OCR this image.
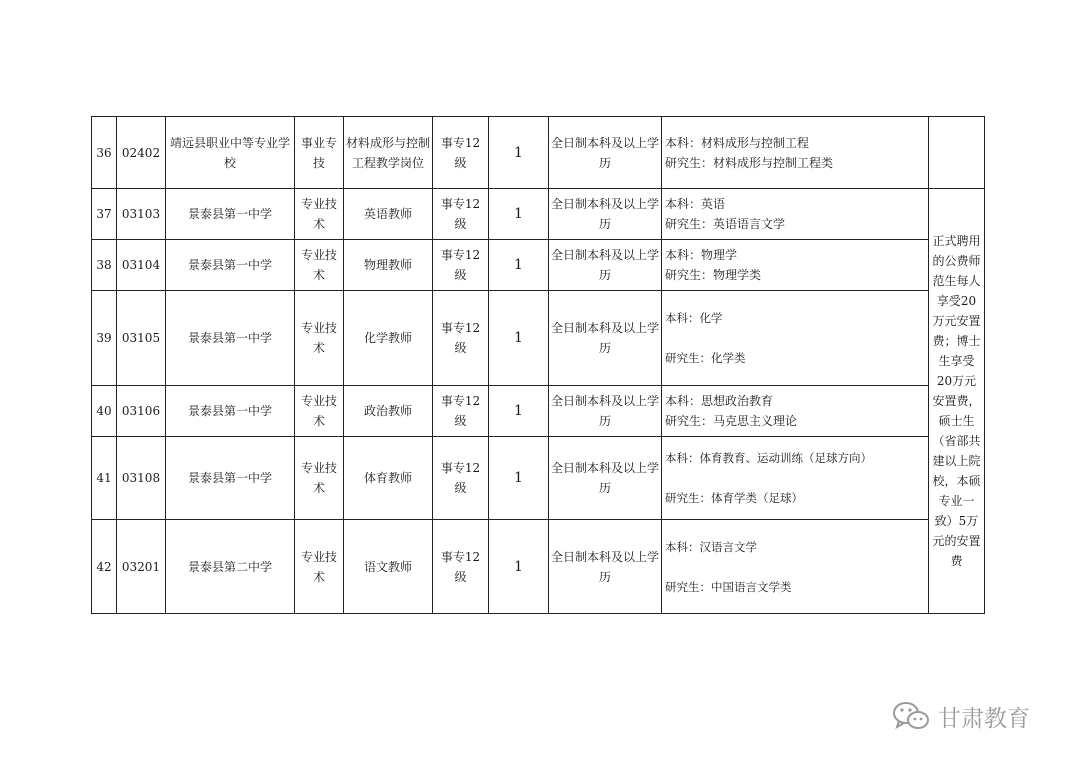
36	02402	靖远县职业中等专业学校	事业专技	材料成形与控制工程教学岗位	事专12级	1	全日制本科及以上学历	本科：材料成形与控制工程
研究生：材料成形与控制工程类	

37	03103	景泰县第一中学	专业技术	英语教师	事专12级	1	全日制本科及以上学历	本科：英语
研究生：英语语言文学	正式聘用的公费师范生每人享受20万元安置费；博士生享受20万元安置费，硕士生（省部共建以上院校，本硕专业一致）5万元的安置费
38	03104	景泰县第一中学	专业技术	物理教师	事专12级	1	全日制本科及以上学历	本科：物理学
研究生：物理学类	

39	03105	景泰县第一中学	专业技术	化学教师	事专12级	1	全日制本科及以上学历	本科：化学
研究生：化学类	

40	03106	景泰县第一中学	专业技术	政治教师	事专12级	1	全日制本科及以上学历	本科：思想政治教育
研究生：马克思主义理论	

41	03108	景泰县第一中学	专业技术	体育教师	事专12级	1	全日制本科及以上学历	本科：体育教育、运动训练（足球方向）
研究生：体育学类（足球）	

42	03201	景泰县第二中学	专业技术	语文教师	事专12级	1	全日制本科及以上学历	本科：汉语言文学
研究生：中国语言文学类	
甘肃教育
